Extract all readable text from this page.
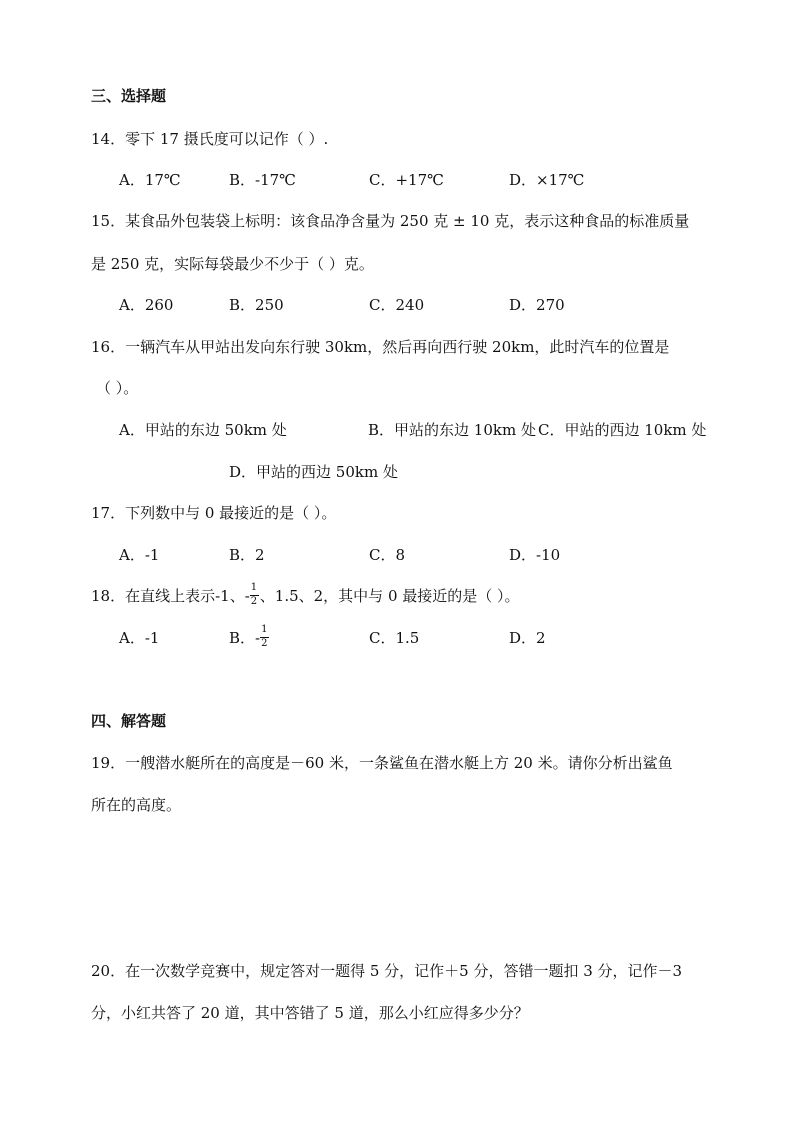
三、选择题
14．零下 17 摄氏度可以记作（ ）.
A．17℃	B．-17℃	C．+17℃	D．×17℃
15．某食品外包装袋上标明：该食品净含量为 250 克 ± 10 克，表示这种食品的标准质量
是 250 克，实际每袋最少不少于（ ）克。
A．260	B．250	C．240	D．270
16．一辆汽车从甲站出发向东行驶 30km，然后再向西行驶 20km，此时汽车的位置是
（ ）。
A．甲站的东边 50km 处	B．甲站的东边 10km 处 C．甲站的西边 10km 处
D．甲站的西边 50km 处
17．下列数中与 0 最接近的是（ ）。
A．-1	B．2	C．8	D．-10
18．在直线上表示-1、- $\frac{1}{2}$ 、1.5、2，其中与 0 最接近的是（ ）。
A．-1	B．- $\frac{1}{2}$	C．1.5	D．2
四、解答题
19．一艘潜水艇所在的高度是－60 米，一条鲨鱼在潜水艇上方 20 米。请你分析出鲨鱼
所在的高度。
20．在一次数学竞赛中，规定答对一题得 5 分，记作＋5 分，答错一题扣 3 分，记作－3
分，小红共答了 20 道，其中答错了 5 道，那么小红应得多少分？
